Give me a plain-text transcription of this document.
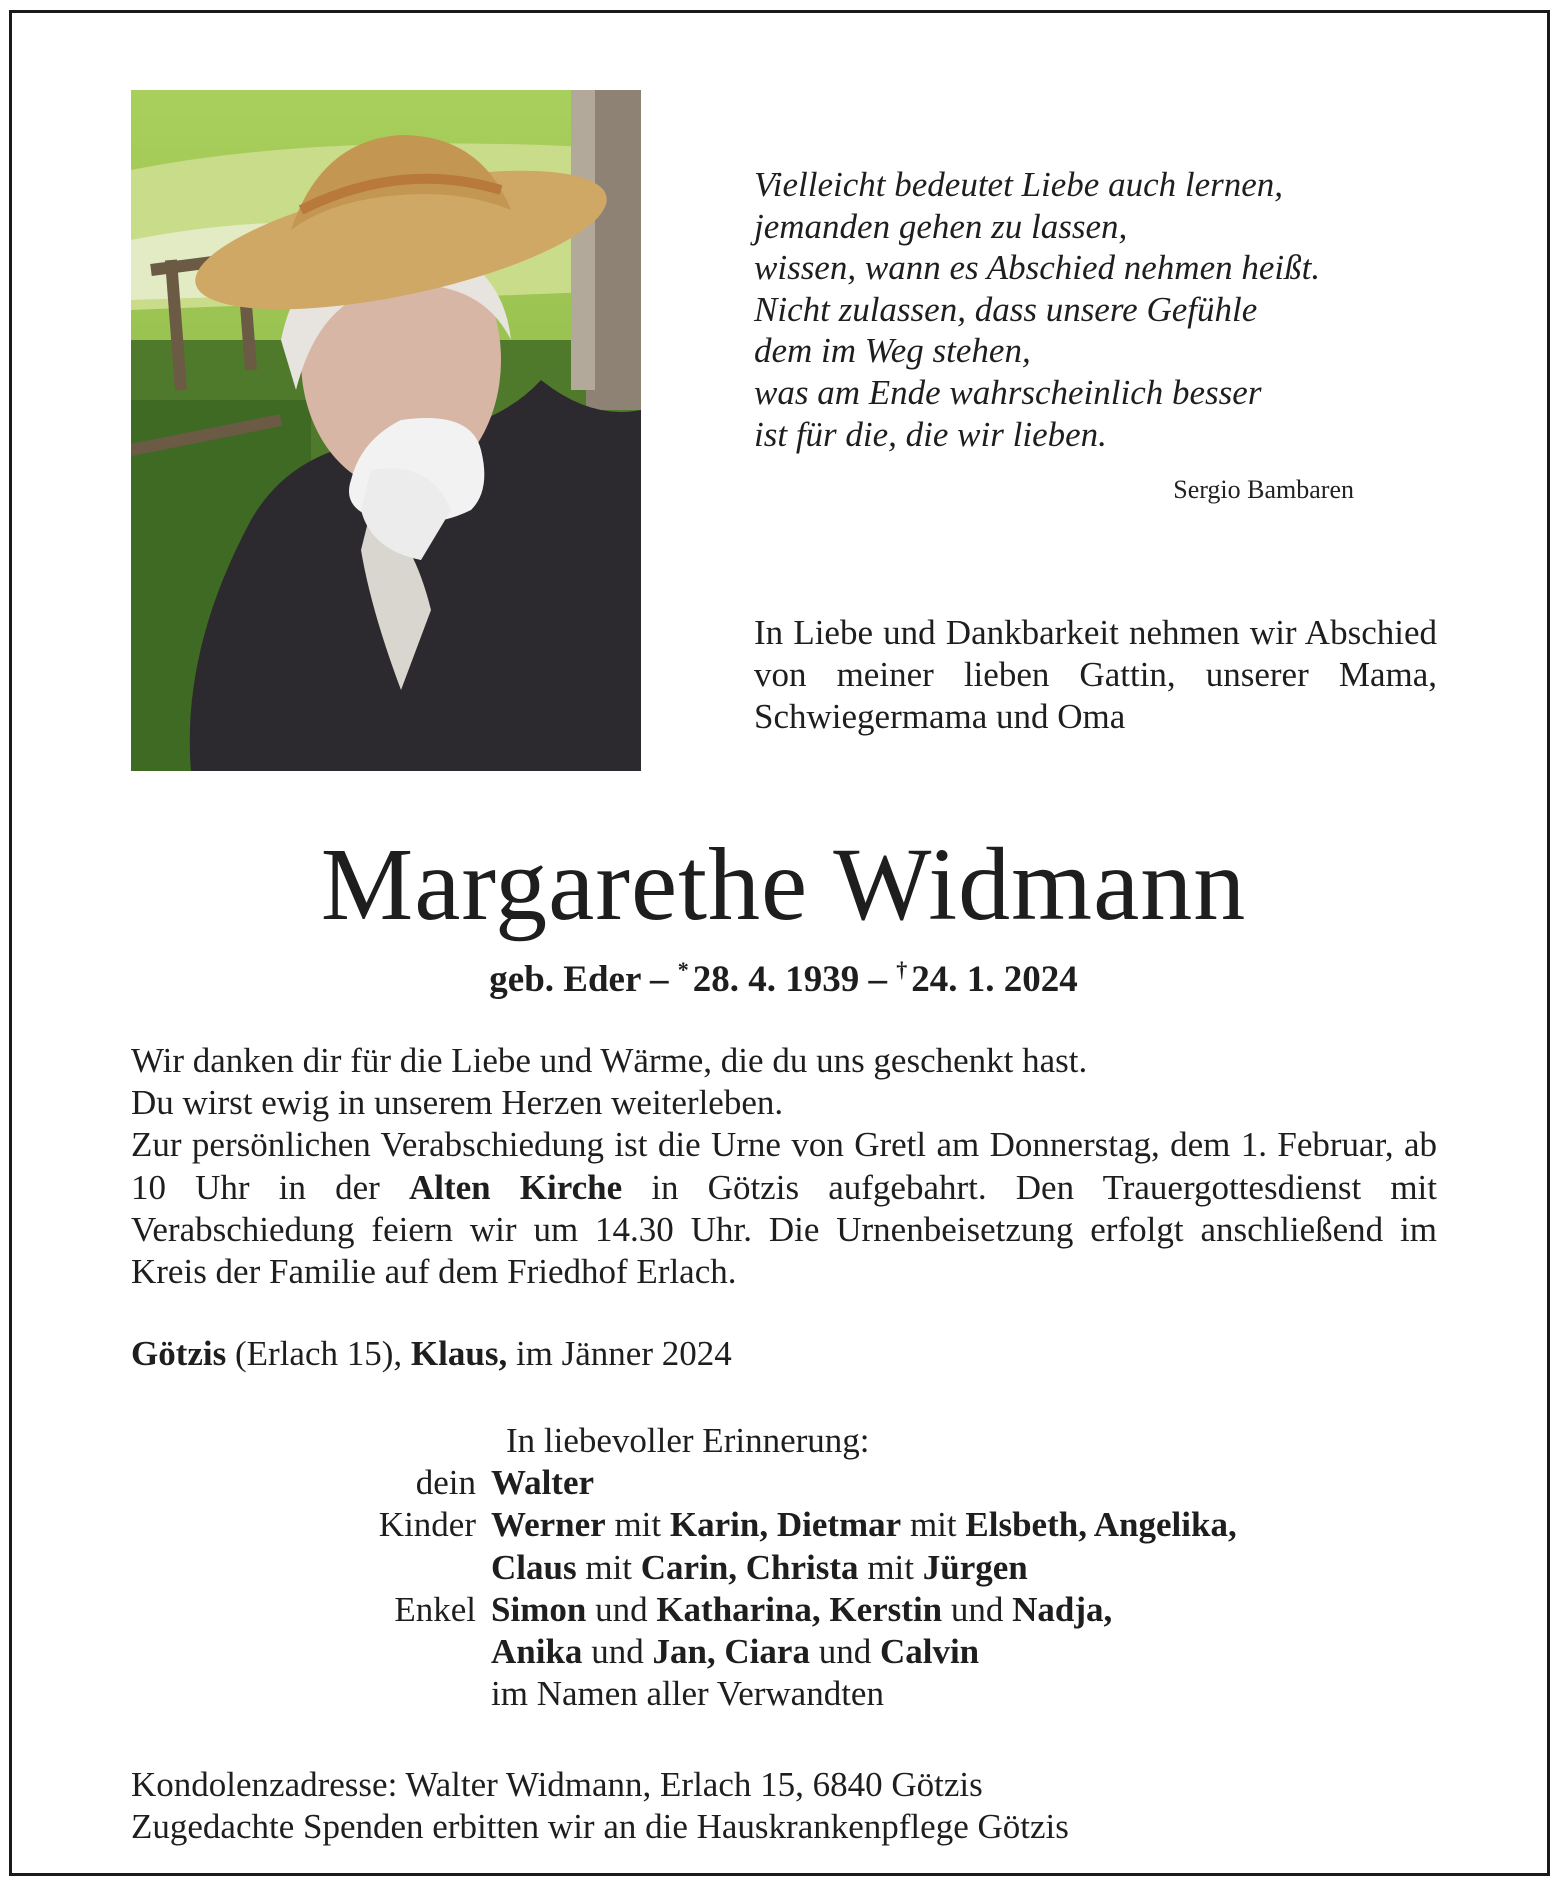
Vielleicht bedeutet Liebe auch lernen,
jemanden gehen zu lassen,
wissen, wann es Abschied nehmen heißt.
Nicht zulassen, dass unsere Gefühle
dem im Weg stehen,
was am Ende wahrscheinlich besser
ist für die, die wir lieben.
Sergio Bambaren
In Liebe und Dankbarkeit nehmen wir Abschied von meiner lieben Gattin, unserer Mama, Schwiegermama und Oma
Margarethe Widmann
geb. Eder – * 28. 4. 1939 – † 24. 1. 2024
Wir danken dir für die Liebe und Wärme, die du uns geschenkt hast.
Du wirst ewig in unserem Herzen weiterleben.
Zur persönlichen Verabschiedung ist die Urne von Gretl am Donnerstag, dem 1. Februar, ab 10 Uhr in der Alten Kirche in Götzis aufgebahrt. Den Trauergottesdienst mit Verabschiedung feiern wir um 14.30 Uhr. Die Urnenbeisetzung erfolgt anschließend im Kreis der Familie auf dem Friedhof Erlach.
Götzis (Erlach 15), Klaus, im Jänner 2024
In liebevoller Erinnerung:
dein Walter
Kinder Werner mit Karin, Dietmar mit Elsbeth, Angelika,
Claus mit Carin, Christa mit Jürgen
Enkel Simon und Katharina, Kerstin und Nadja,
Anika und Jan, Ciara und Calvin
im Namen aller Verwandten
Kondolenzadresse: Walter Widmann, Erlach 15, 6840 Götzis
Zugedachte Spenden erbitten wir an die Hauskrankenpflege Götzis
